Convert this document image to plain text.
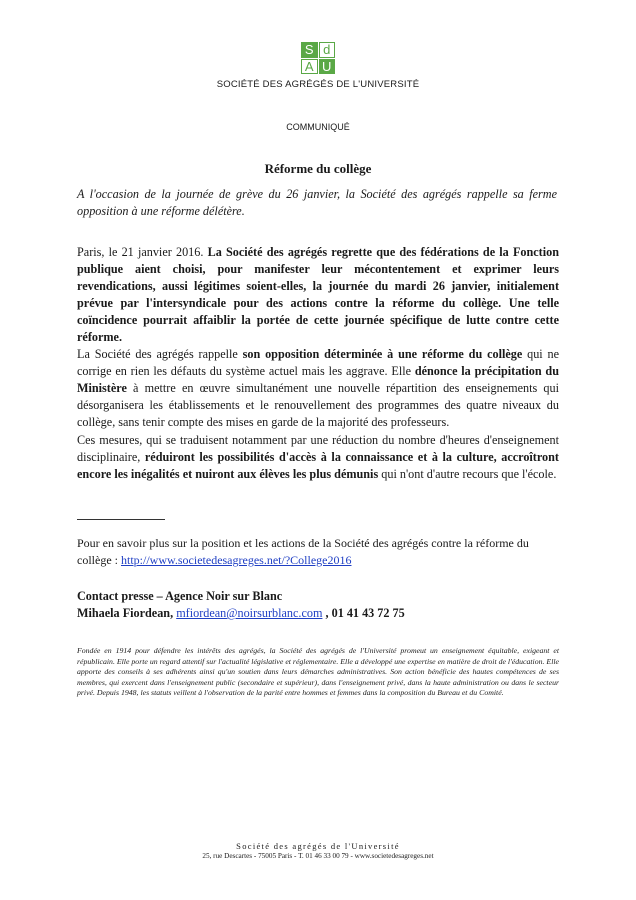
S d
A U
SOCIÉTÉ DES AGRÉGÉS DE L'UNIVERSITÉ
COMMUNIQUÉ
Réforme du collège
A l'occasion de la journée de grève du 26 janvier, la Société des agrégés rappelle sa ferme opposition à une réforme délétère.
Paris, le 21 janvier 2016. La Société des agrégés regrette que des fédérations de la Fonction publique aient choisi, pour manifester leur mécontentement et exprimer leurs revendications, aussi légitimes soient-elles, la journée du mardi 26 janvier, initialement prévue par l'intersyndicale pour des actions contre la réforme du collège. Une telle coïncidence pourrait affaiblir la portée de cette journée spécifique de lutte contre cette réforme.
La Société des agrégés rappelle son opposition déterminée à une réforme du collège qui ne corrige en rien les défauts du système actuel mais les aggrave. Elle dénonce la précipitation du Ministère à mettre en œuvre simultanément une nouvelle répartition des enseignements qui désorganisera les établissements et le renouvellement des programmes des quatre niveaux du collège, sans tenir compte des mises en garde de la majorité des professeurs.
Ces mesures, qui se traduisent notamment par une réduction du nombre d'heures d'enseignement disciplinaire, réduiront les possibilités d'accès à la connaissance et à la culture, accroîtront encore les inégalités et nuiront aux élèves les plus démunis qui n'ont d'autre recours que l'école.
Pour en savoir plus sur la position et les actions de la Société des agrégés contre la réforme du collège : http://www.societedesagreges.net/?College2016
Contact presse – Agence Noir sur Blanc
Mihaela Fiordean, mfiordean@noirsurblanc.com , 01 41 43 72 75
Fondée en 1914 pour défendre les intérêts des agrégés, la Société des agrégés de l'Université promeut un enseignement équitable, exigeant et républicain. Elle porte un regard attentif sur l'actualité législative et réglementaire. Elle a développé une expertise en matière de droit de l'éducation. Elle apporte des conseils à ses adhérents ainsi qu'un soutien dans leurs démarches administratives. Son action bénéficie des hautes compétences de ses membres, qui exercent dans l'enseignement public (secondaire et supérieur), dans l'enseignement privé, dans la haute administration ou dans le secteur privé. Depuis 1948, les statuts veillent à l'observation de la parité entre hommes et femmes dans la composition du Bureau et du Comité.
Société des agrégés de l'Université
25, rue Descartes - 75005 Paris - T. 01 46 33 00 79 - www.societedesagreges.net
